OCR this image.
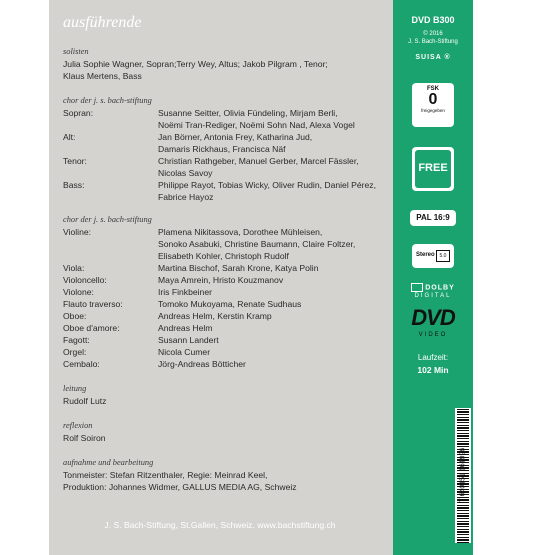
ausführende
solisten
Julia Sophie Wagner, Sopran;Terry Wey, Altus; Jakob Pilgram , Tenor;
Klaus Mertens, Bass
chor der j. s. bach-stiftung
Sopran:	Susanne Seitter, Olivia Fündeling, Mirjam Berli,
Noëmi Tran-Rediger, Noëmi Sohn Nad, Alexa Vogel
Alt:	Jan Börner, Antonia Frey, Katharina Jud,
Damaris Rickhaus, Francisca Näf
Tenor:	Christian Rathgeber, Manuel Gerber, Marcel Fässler,
Nicolas Savoy
Bass:	Philippe Rayot, Tobias Wicky, Oliver Rudin, Daniel Pérez,
Fabrice Hayoz
chor der j. s. bach-stiftung
Violine:	Plamena Nikitassova, Dorothee Mühleisen,
Sonoko Asabuki, Christine Baumann, Claire Foltzer,
Elisabeth Kohler, Christoph Rudolf
Viola:	Martina Bischof, Sarah Krone, Katya Polin
Violoncello:	Maya Amrein, Hristo Kouzmanov
Violone:	Iris Finkbeiner
Flauto traverso:	Tomoko Mukoyama, Renate Sudhaus
Oboe:	Andreas Helm, Kerstin Kramp
Oboe d'amore:	Andreas Helm
Fagott:	Susann Landert
Orgel:	Nicola Cumer
Cembalo:	Jörg-Andreas Bötticher
leitung
Rudolf Lutz
reflexion
Rolf Soiron
aufnahme und bearbeitung
Tonmeister: Stefan Ritzenthaler, Regie: Meinrad Keel,
Produktion: Johannes Widmer, GALLUS MEDIA AG, Schweiz
J. S. Bach-Stiftung, St.Gallen, Schweiz. www.bachstiftung.ch
DVD B300
© 2016
J. S. Bach-Stiftung
SUISA ®
FSK
0
freigegeben
FREE
PAL 16:9
Stereo 5.0
DOLBY
DIGITAL
DVD
VIDEO
Laufzeit:
102 Min
7 640151 161996
